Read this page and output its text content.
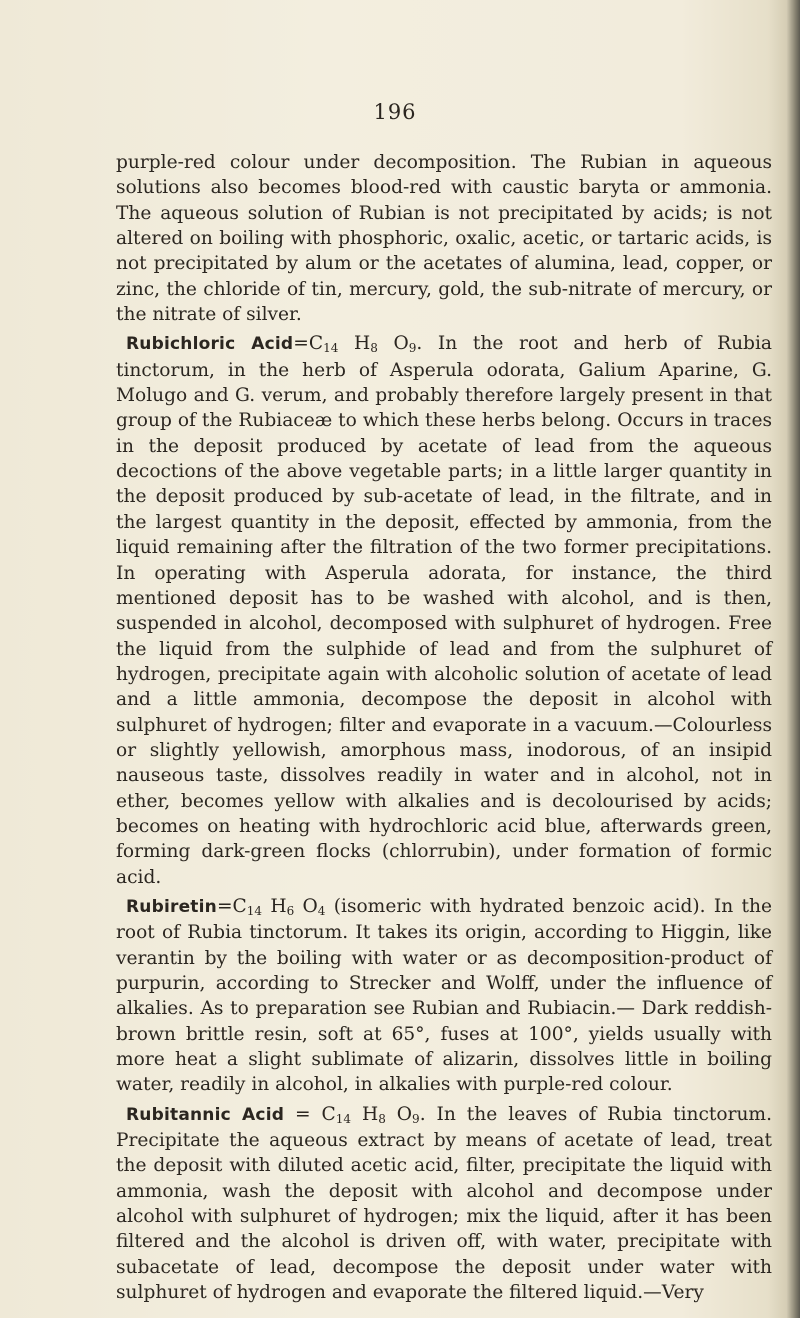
196

purple-red colour under decomposition. The Rubian in aqueous solutions also becomes blood-red with caustic baryta or ammonia. The aqueous solution of Rubian is not precipitated by acids; is not altered on boiling with phosphoric, oxalic, acetic, or tartaric acids, is not precipitated by alum or the acetates of alumina, lead, copper, or zinc, the chloride of tin, mercury, gold, the sub-nitrate of mercury, or the nitrate of silver.

Rubichloric $Acid=C_{14}$ $H_8$ $O_9$. In the root and herb of Rubia tinctorum, in the herb of Asperula odorata, Galium Aparine, G. Molugo and G. verum, and probably therefore largely present in that group of the Rubiaceæ to which these herbs belong. Occurs in traces in the deposit produced by acetate of lead from the aqueous decoctions of the above vegetable parts; in a little larger quantity in the deposit produced by sub-acetate of lead, in the filtrate, and in the largest quantity in the deposit, effected by ammonia, from the liquid remaining after the filtration of the two former precipitations. In operating with Asperula adorata, for instance, the third mentioned deposit has to be washed with alcohol, and is then, suspended in alcohol, decomposed with sulphuret of hydrogen. Free the liquid from the sulphide of lead and from the sulphuret of hydrogen, precipitate again with alcoholic solution of acetate of lead and a little ammonia, decompose the deposit in alcohol with sulphuret of hydrogen; filter and evaporate in a vacuum.—Colourless or slightly yellowish, amorphous mass, inodorous, of an insipid nauseous taste, dissolves readily in water and in alcohol, not in ether, becomes yellow with alkalies and is decolourised by acids; becomes on heating with hydrochloric acid blue, afterwards green, forming dark-green flocks (chlorrubin), under formation of formic acid.

$Rubiretin=C_{14}$ $H_6$ $O_4$ (isomeric with hydrated benzoic acid). In the root of Rubia tinctorum. It takes its origin, according to Higgin, like verantin by the boiling with water or as decomposition-product of purpurin, according to Strecker and Wolff, under the influence of alkalies. As to preparation see Rubian and Rubiacin.— Dark reddish-brown brittle resin, soft at 65°, fuses at 100°, yields usually with more heat a slight sublimate of alizarin, dissolves little in boiling water, readily in alcohol, in alkalies with purple-red colour.

Rubitannic Acid = $C_{14}$ $H_8$ $O_9$. In the leaves of Rubia tinctorum. Precipitate the aqueous extract by means of acetate of lead, treat the deposit with diluted acetic acid, filter, precipitate the liquid with ammonia, wash the deposit with alcohol and decompose under alcohol with sulphuret of hydrogen; mix the liquid, after it has been filtered and the alcohol is driven off, with water, precipitate with subacetate of lead, decompose the deposit under water with sulphuret of hydrogen and evaporate the filtered liquid.—Very
